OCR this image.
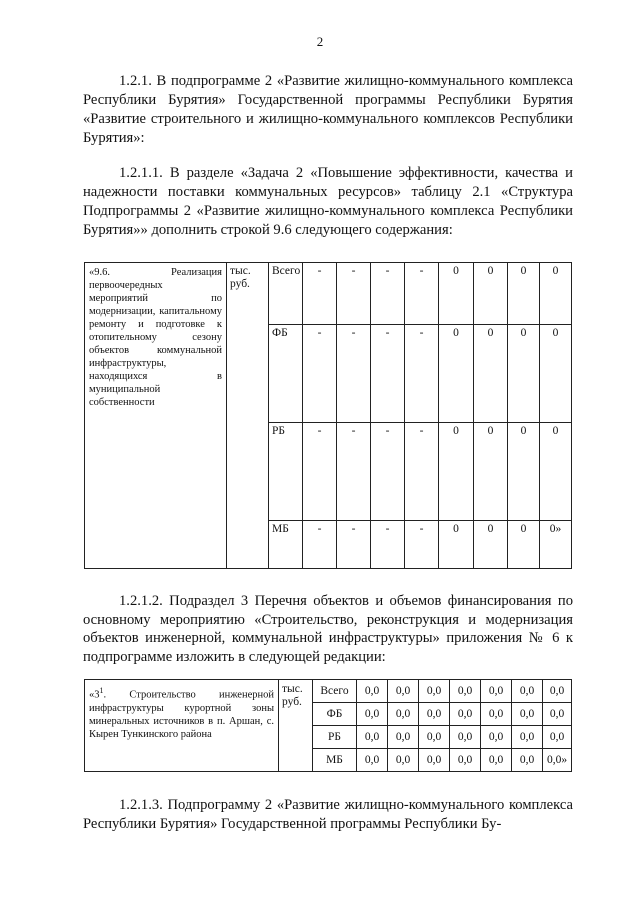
2
1.2.1. В подпрограмме 2 «Развитие жилищно-коммунального комплекса Республики Бурятия» Государственной программы Республики Бурятия «Развитие строительного и жилищно-коммунального комплексов Республики Бурятия»:
1.2.1.1. В разделе «Задача 2 «Повышение эффективности, качества и надежности поставки коммунальных ресурсов» таблицу 2.1 «Структура Подпрограммы 2 «Развитие жилищно-коммунального комплекса Республики Бурятия»» дополнить строкой 9.6 следующего содержания:
«9.6. Реализация первоочередных мероприятий по модернизации, капитальному ремонту и подготовке к отопительному сезону объектов коммунальной инфраструктуры, находящихся в муниципальной собственности	тыс. руб.	Всего	-	-	-	-	0	0	0	0
		ФБ	-	-	-	-	0	0	0	0
		РБ	-	-	-	-	0	0	0	0
		МБ	-	-	-	-	0	0	0	0»
1.2.1.2. Подраздел 3 Перечня объектов и объемов финансирования по основному мероприятию «Строительство, реконструкция и модернизация объектов инженерной, коммунальной инфраструктуры» приложения № 6 к подпрограмме изложить в следующей редакции:
«$3^1$. Строительство инженерной инфраструктуры курортной зоны минеральных источников в п. Аршан, с. Кырен Тункинского района	тыс. руб.	Всего	0,0	0,0	0,0	0,0	0,0	0,0	0,0
		ФБ	0,0	0,0	0,0	0,0	0,0	0,0	0,0
		РБ	0,0	0,0	0,0	0,0	0,0	0,0	0,0
		МБ	0,0	0,0	0,0	0,0	0,0	0,0	0,0»
1.2.1.3. Подпрограмму 2 «Развитие жилищно-коммунального комплекса Республики Бурятия» Государственной программы Республики Бу-
